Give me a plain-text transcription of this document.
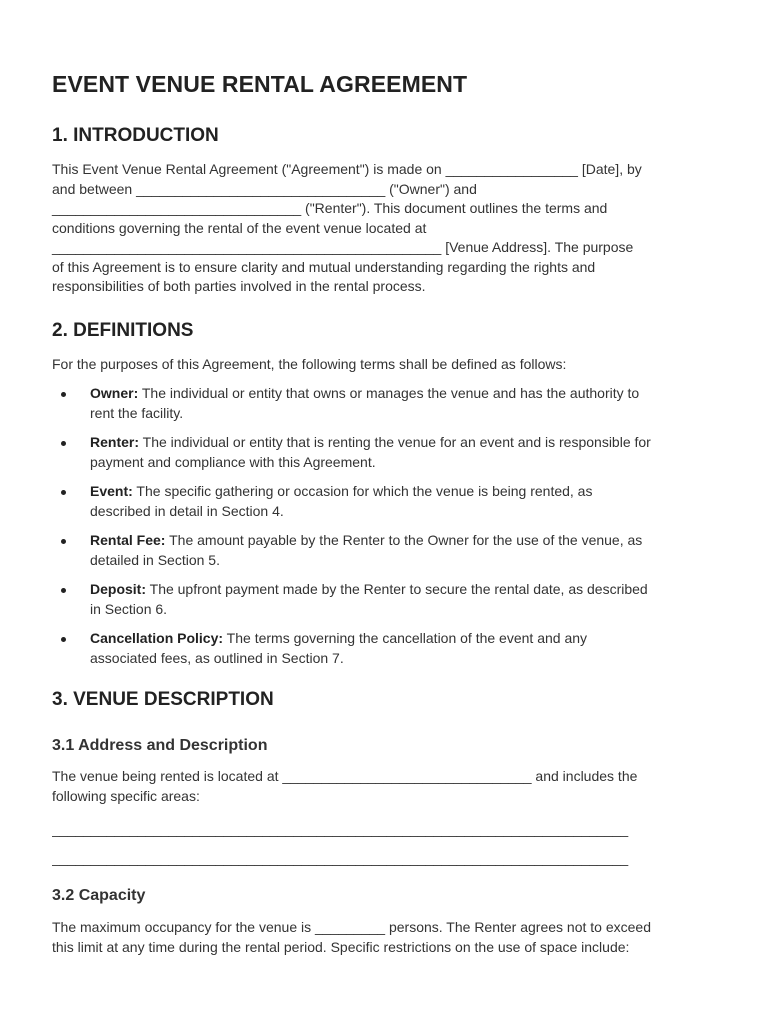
EVENT VENUE RENTAL AGREEMENT
1. INTRODUCTION

This Event Venue Rental Agreement ("Agreement") is made on _________________ [Date], by

and between ________________________________ ("Owner") and

________________________________ ("Renter"). This document outlines the terms and

conditions governing the rental of the event venue located at

__________________________________________________ [Venue Address]. The purpose

of this Agreement is to ensure clarity and mutual understanding regarding the rights and

responsibilities of both parties involved in the rental process.

2. DEFINITIONS

For the purposes of this Agreement, the following terms shall be defined as follows:

Owner: The individual or entity that owns or manages the venue and has the authority to
rent the facility.
Renter: The individual or entity that is renting the venue for an event and is responsible for
payment and compliance with this Agreement.
Event: The specific gathering or occasion for which the venue is being rented, as
described in detail in Section 4.
Rental Fee: The amount payable by the Renter to the Owner for the use of the venue, as
detailed in Section 5.
Deposit: The upfront payment made by the Renter to secure the rental date, as described
in Section 6.
Cancellation Policy: The terms governing the cancellation of the event and any
associated fees, as outlined in Section 7.
3. VENUE DESCRIPTION
3.1 Address and Description

The venue being rented is located at ________________________________ and includes the

following specific areas:

__________________________________________________________________________
__________________________________________________________________________
3.2 Capacity

The maximum occupancy for the venue is _________ persons. The Renter agrees not to exceed

this limit at any time during the rental period. Specific restrictions on the use of space include:
